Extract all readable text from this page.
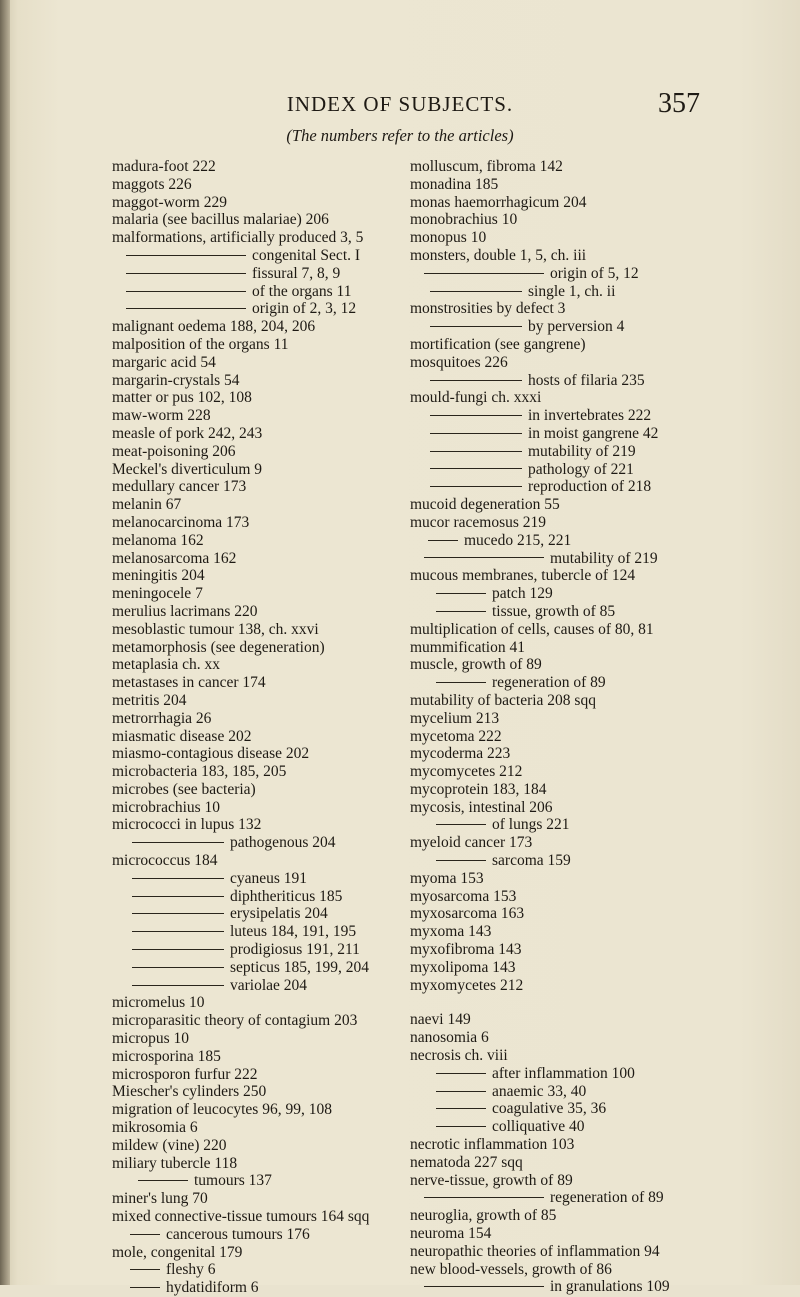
INDEX OF SUBJECTS.	357
(The numbers refer to the articles)
madura-foot 222
maggots 226
maggot-worm 229
malaria (see bacillus malariae) 206
malformations, artificially produced 3, 5
congenital Sect. I
fissural 7, 8, 9
of the organs 11
origin of 2, 3, 12
malignant oedema 188, 204, 206
malposition of the organs 11
margaric acid 54
margarin-crystals 54
matter or pus 102, 108
maw-worm 228
measle of pork 242, 243
meat-poisoning 206
Meckel's diverticulum 9
medullary cancer 173
melanin 67
melanocarcinoma 173
melanoma 162
melanosarcoma 162
meningitis 204
meningocele 7
merulius lacrimans 220
mesoblastic tumour 138, ch. xxvi
metamorphosis (see degeneration)
metaplasia ch. xx
metastases in cancer 174
metritis 204
metrorrhagia 26
miasmatic disease 202
miasmo-contagious disease 202
microbacteria 183, 185, 205
microbes (see bacteria)
microbrachius 10
micrococci in lupus 132
pathogenous 204
micrococcus 184
cyaneus 191
diphtheriticus 185
erysipelatis 204
luteus 184, 191, 195
prodigiosus 191, 211
septicus 185, 199, 204
variolae 204
micromelus 10
microparasitic theory of contagium 203
micropus 10
microsporina 185
microsporon furfur 222
Miescher's cylinders 250
migration of leucocytes 96, 99, 108
mikrosomia 6
mildew (vine) 220
miliary tubercle 118
tumours 137
miner's lung 70
mixed connective-tissue tumours 164 sqq
cancerous tumours 176
mole, congenital 179
fleshy 6
hydatidiform 6
molluscum, fibroma 142
monadina 185
monas haemorrhagicum 204
monobrachius 10
monopus 10
monsters, double 1, 5, ch. iii
origin of 5, 12
single 1, ch. ii
monstrosities by defect 3
by perversion 4
mortification (see gangrene)
mosquitoes 226
hosts of filaria 235
mould-fungi ch. xxxi
in invertebrates 222
in moist gangrene 42
mutability of 219
pathology of 221
reproduction of 218
mucoid degeneration 55
mucor racemosus 219
mucedo 215, 221
mutability of 219
mucous membranes, tubercle of 124
patch 129
tissue, growth of 85
multiplication of cells, causes of 80, 81
mummification 41
muscle, growth of 89
regeneration of 89
mutability of bacteria 208 sqq
mycelium 213
mycetoma 222
mycoderma 223
mycomycetes 212
mycoprotein 183, 184
mycosis, intestinal 206
of lungs 221
myeloid cancer 173
sarcoma 159
myoma 153
myosarcoma 153
myxosarcoma 163
myxoma 143
myxofibroma 143
myxolipoma 143
myxomycetes 212
naevi 149
nanosomia 6
necrosis ch. viii
after inflammation 100
anaemic 33, 40
coagulative 35, 36
colliquative 40
necrotic inflammation 103
nematoda 227 sqq
nerve-tissue, growth of 89
regeneration of 89
neuroglia, growth of 85
neuroma 154
neuropathic theories of inflammation 94
new blood-vessels, growth of 86
in granulations 109
